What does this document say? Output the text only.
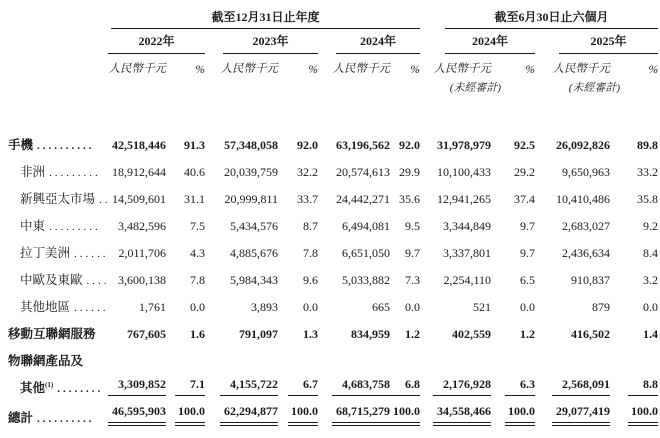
	截至12月31日止年度						截至6月30日止六個月			

	2022年		2023年		2024年		2024年		2025年	

	人民幣千元	%	人民幣千元	%	人民幣千元	%	人民幣千元	%	人民幣千元	%
							(未經審計)		(未經審計)	

手機 ..........	42,518,446	91.3	57,348,058	92.0	63,196,562	92.0	31,978,979	92.5	26,092,826	89.8
非洲 .........	18,912,644	40.6	20,039,759	32.2	20,574,613	29.9	10,100,433	29.2	9,650,963	33.2
新興亞太市場 ..	14,509,601	31.1	20,999,811	33.7	24,442,271	35.6	12,941,265	37.4	10,410,486	35.8
中東 .........	3,482,596	7.5	5,434,576	8.7	6,494,081	9.5	3,344,849	9.7	2,683,027	9.2
拉丁美洲 ......	2,011,706	4.3	4,885,676	7.8	6,651,050	9.7	3,337,801	9.7	2,436,634	8.4
中歐及東歐 ....	3,600,138	7.8	5,984,343	9.6	5,033,882	7.3	2,254,110	6.5	910,837	3.2
其他地區 ......	1,761	0.0	3,893	0.0	665	0.0	521	0.0	879	0.0
移動互聯網服務	767,605	1.6	791,097	1.3	834,959	1.2	402,559	1.2	416,502	1.4
物聯網產品及										
其他$^{(1)}$ ........	3,309,852	7.1	4,155,722	6.7	4,683,758	6.8	2,176,928	6.3	2,568,091	8.8
總計 ..........	46,595,903	100.0	62,294,877	100.0	68,715,279	100.0	34,558,466	100.0	29,077,419	100.0
